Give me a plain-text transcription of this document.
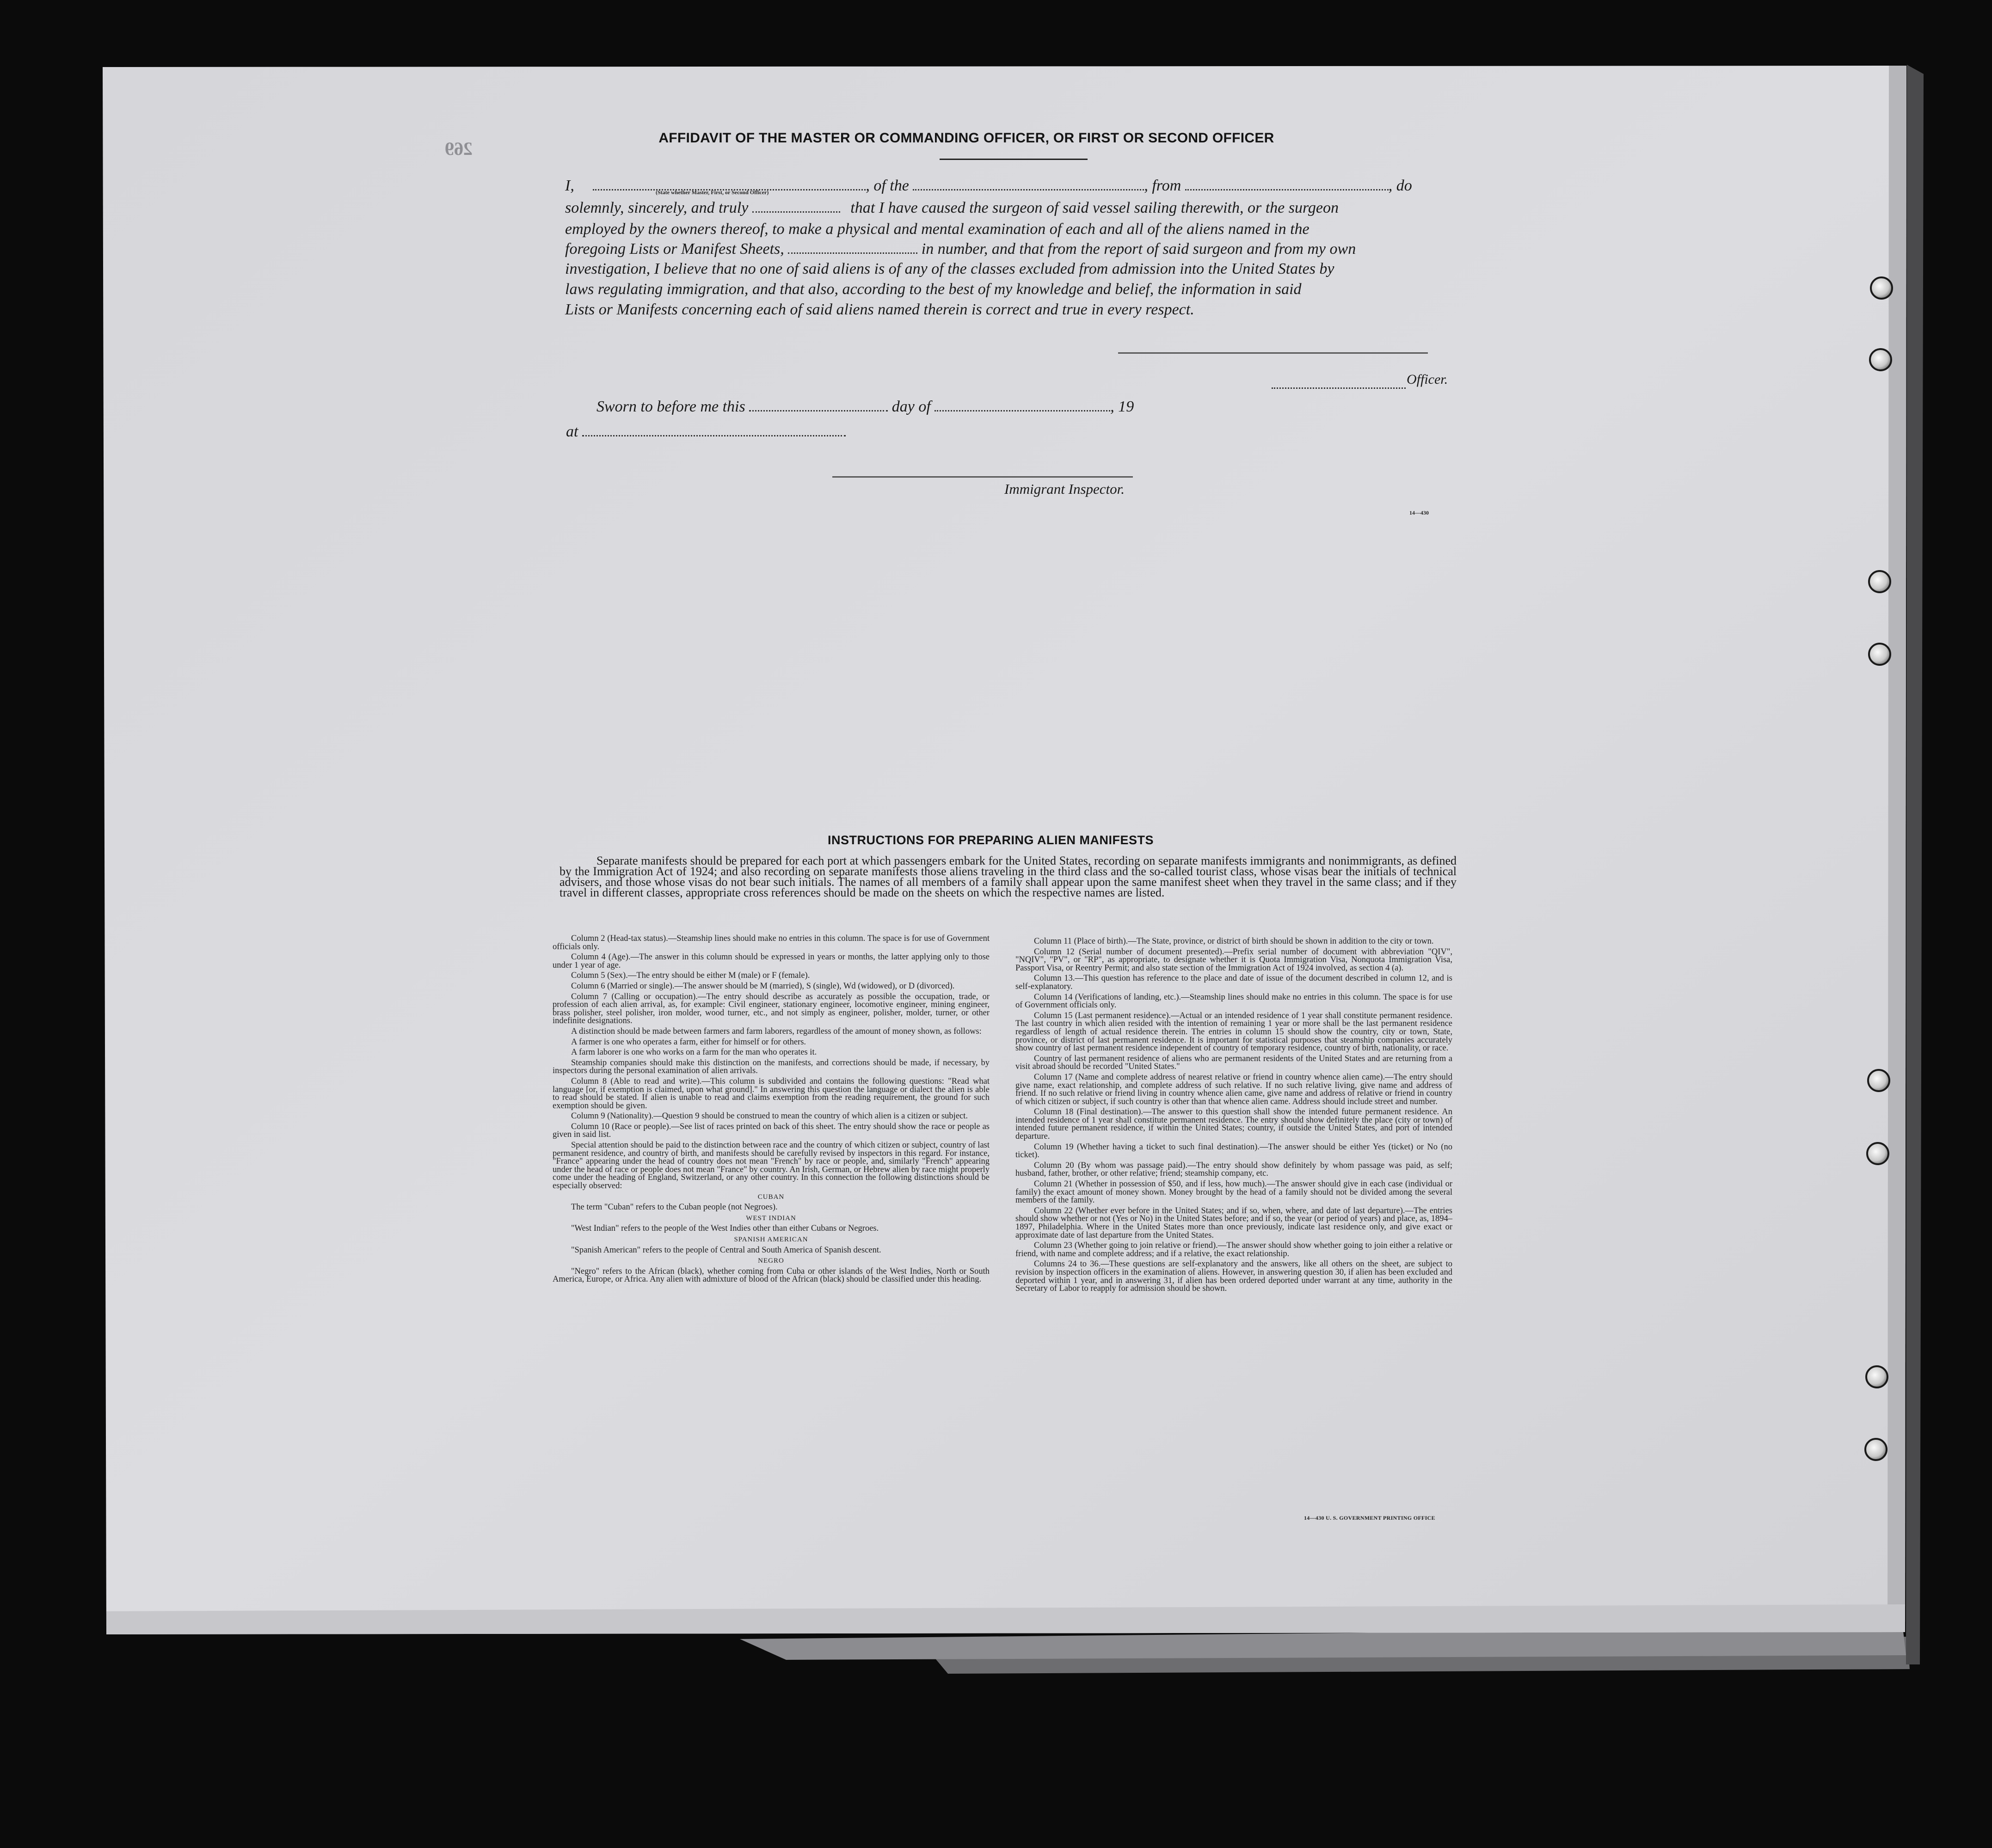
269
AFFIDAVIT OF THE MASTER OR COMMANDING OFFICER, OR FIRST OR SECOND OFFICER
I,	, of the	, from	, do
(State whether Master, First, or Second Officer)
solemnly, sincerely, and truly	that I have caused the surgeon of said vessel sailing therewith, or the surgeon
employed by the owners thereof, to make a physical and mental examination of each and all of the aliens named in the
foregoing Lists or Manifest Sheets,	in number, and that from the report of said surgeon and from my own
investigation, I believe that no one of said aliens is of any of the classes excluded from admission into the United States by
laws regulating immigration, and that also, according to the best of my knowledge and belief, the information in said
Lists or Manifests concerning each of said aliens named therein is correct and true in every respect.
Officer.
Sworn to before me this	day of	, 19
at
Immigrant Inspector.
14—430
INSTRUCTIONS FOR PREPARING ALIEN MANIFESTS

Separate manifests should be prepared for each port at which passengers embark for the United States, recording on separate manifests immigrants and nonimmigrants, as defined by the Immigration Act of 1924; and also recording on separate manifests those aliens traveling in the third class and the so-called tourist class, whose visas bear the initials of technical advisers, and those whose visas do not bear such initials. The names of all members of a family shall appear upon the same manifest sheet when they travel in the same class; and if they travel in different classes, appropriate cross references should be made on the sheets on which the respective names are listed.

Column 2 (Head-tax status).—Steamship lines should make no entries in this column. The space is for use of Government officials only.

Column 4 (Age).—The answer in this column should be expressed in years or months, the latter applying only to those under 1 year of age.

Column 5 (Sex).—The entry should be either M (male) or F (female).

Column 6 (Married or single).—The answer should be M (married), S (single), Wd (widowed), or D (divorced).

Column 7 (Calling or occupation).—The entry should describe as accurately as possible the occupation, trade, or profession of each alien arrival, as, for example: Civil engineer, stationary engineer, locomotive engineer, mining engineer, brass polisher, steel polisher, iron molder, wood turner, etc., and not simply as engineer, polisher, molder, turner, or other indefinite designations.

A distinction should be made between farmers and farm laborers, regardless of the amount of money shown, as follows:

A farmer is one who operates a farm, either for himself or for others.

A farm laborer is one who works on a farm for the man who operates it.

Steamship companies should make this distinction on the manifests, and corrections should be made, if necessary, by inspectors during the personal examination of alien arrivals.

Column 8 (Able to read and write).—This column is subdivided and contains the following questions: "Read what language [or, if exemption is claimed, upon what ground]." In answering this question the language or dialect the alien is able to read should be stated. If alien is unable to read and claims exemption from the reading requirement, the ground for such exemption should be given.

Column 9 (Nationality).—Question 9 should be construed to mean the country of which alien is a citizen or subject.

Column 10 (Race or people).—See list of races printed on back of this sheet. The entry should show the race or people as given in said list.

Special attention should be paid to the distinction between race and the country of which citizen or subject, country of last permanent residence, and country of birth, and manifests should be carefully revised by inspectors in this regard. For instance, "France" appearing under the head of country does not mean "French" by race or people, and, similarly "French" appearing under the head of race or people does not mean "France" by country. An Irish, German, or Hebrew alien by race might properly come under the heading of England, Switzerland, or any other country. In this connection the following distinctions should be especially observed:

CUBAN

The term "Cuban" refers to the Cuban people (not Negroes).

WEST INDIAN

"West Indian" refers to the people of the West Indies other than either Cubans or Negroes.

SPANISH AMERICAN

"Spanish American" refers to the people of Central and South America of Spanish descent.

NEGRO

"Negro" refers to the African (black), whether coming from Cuba or other islands of the West Indies, North or South America, Europe, or Africa. Any alien with admixture of blood of the African (black) should be classified under this heading.

Column 11 (Place of birth).—The State, province, or district of birth should be shown in addition to the city or town.

Column 12 (Serial number of document presented).—Prefix serial number of document with abbreviation "QIV", "NQIV", "PV", or "RP", as appropriate, to designate whether it is Quota Immigration Visa, Nonquota Immigration Visa, Passport Visa, or Reentry Permit; and also state section of the Immigration Act of 1924 involved, as section 4 (a).

Column 13.—This question has reference to the place and date of issue of the document described in column 12, and is self-explanatory.

Column 14 (Verifications of landing, etc.).—Steamship lines should make no entries in this column. The space is for use of Government officials only.

Column 15 (Last permanent residence).—Actual or an intended residence of 1 year shall constitute permanent residence. The last country in which alien resided with the intention of remaining 1 year or more shall be the last permanent residence regardless of length of actual residence therein. The entries in column 15 should show the country, city or town, State, province, or district of last permanent residence. It is important for statistical purposes that steamship companies accurately show country of last permanent residence independent of country of temporary residence, country of birth, nationality, or race.

Country of last permanent residence of aliens who are permanent residents of the United States and are returning from a visit abroad should be recorded "United States."

Column 17 (Name and complete address of nearest relative or friend in country whence alien came).—The entry should give name, exact relationship, and complete address of such relative. If no such relative living, give name and address of friend. If no such relative or friend living in country whence alien came, give name and address of relative or friend in country of which citizen or subject, if such country is other than that whence alien came. Address should include street and number.

Column 18 (Final destination).—The answer to this question shall show the intended future permanent residence. An intended residence of 1 year shall constitute permanent residence. The entry should show definitely the place (city or town) of intended future permanent residence, if within the United States; country, if outside the United States, and port of intended departure.

Column 19 (Whether having a ticket to such final destination).—The answer should be either Yes (ticket) or No (no ticket).

Column 20 (By whom was passage paid).—The entry should show definitely by whom passage was paid, as self; husband, father, brother, or other relative; friend; steamship company, etc.

Column 21 (Whether in possession of $50, and if less, how much).—The answer should give in each case (individual or family) the exact amount of money shown. Money brought by the head of a family should not be divided among the several members of the family.

Column 22 (Whether ever before in the United States; and if so, when, where, and date of last departure).—The entries should show whether or not (Yes or No) in the United States before; and if so, the year (or period of years) and place, as, 1894–1897, Philadelphia. Where in the United States more than once previously, indicate last residence only, and give exact or approximate date of last departure from the United States.

Column 23 (Whether going to join relative or friend).—The answer should show whether going to join either a relative or friend, with name and complete address; and if a relative, the exact relationship.

Columns 24 to 36.—These questions are self-explanatory and the answers, like all others on the sheet, are subject to revision by inspection officers in the examination of aliens. However, in answering question 30, if alien has been excluded and deported within 1 year, and in answering 31, if alien has been ordered deported under warrant at any time, authority in the Secretary of Labor to reapply for admission should be shown.

14—430 U. S. GOVERNMENT PRINTING OFFICE
